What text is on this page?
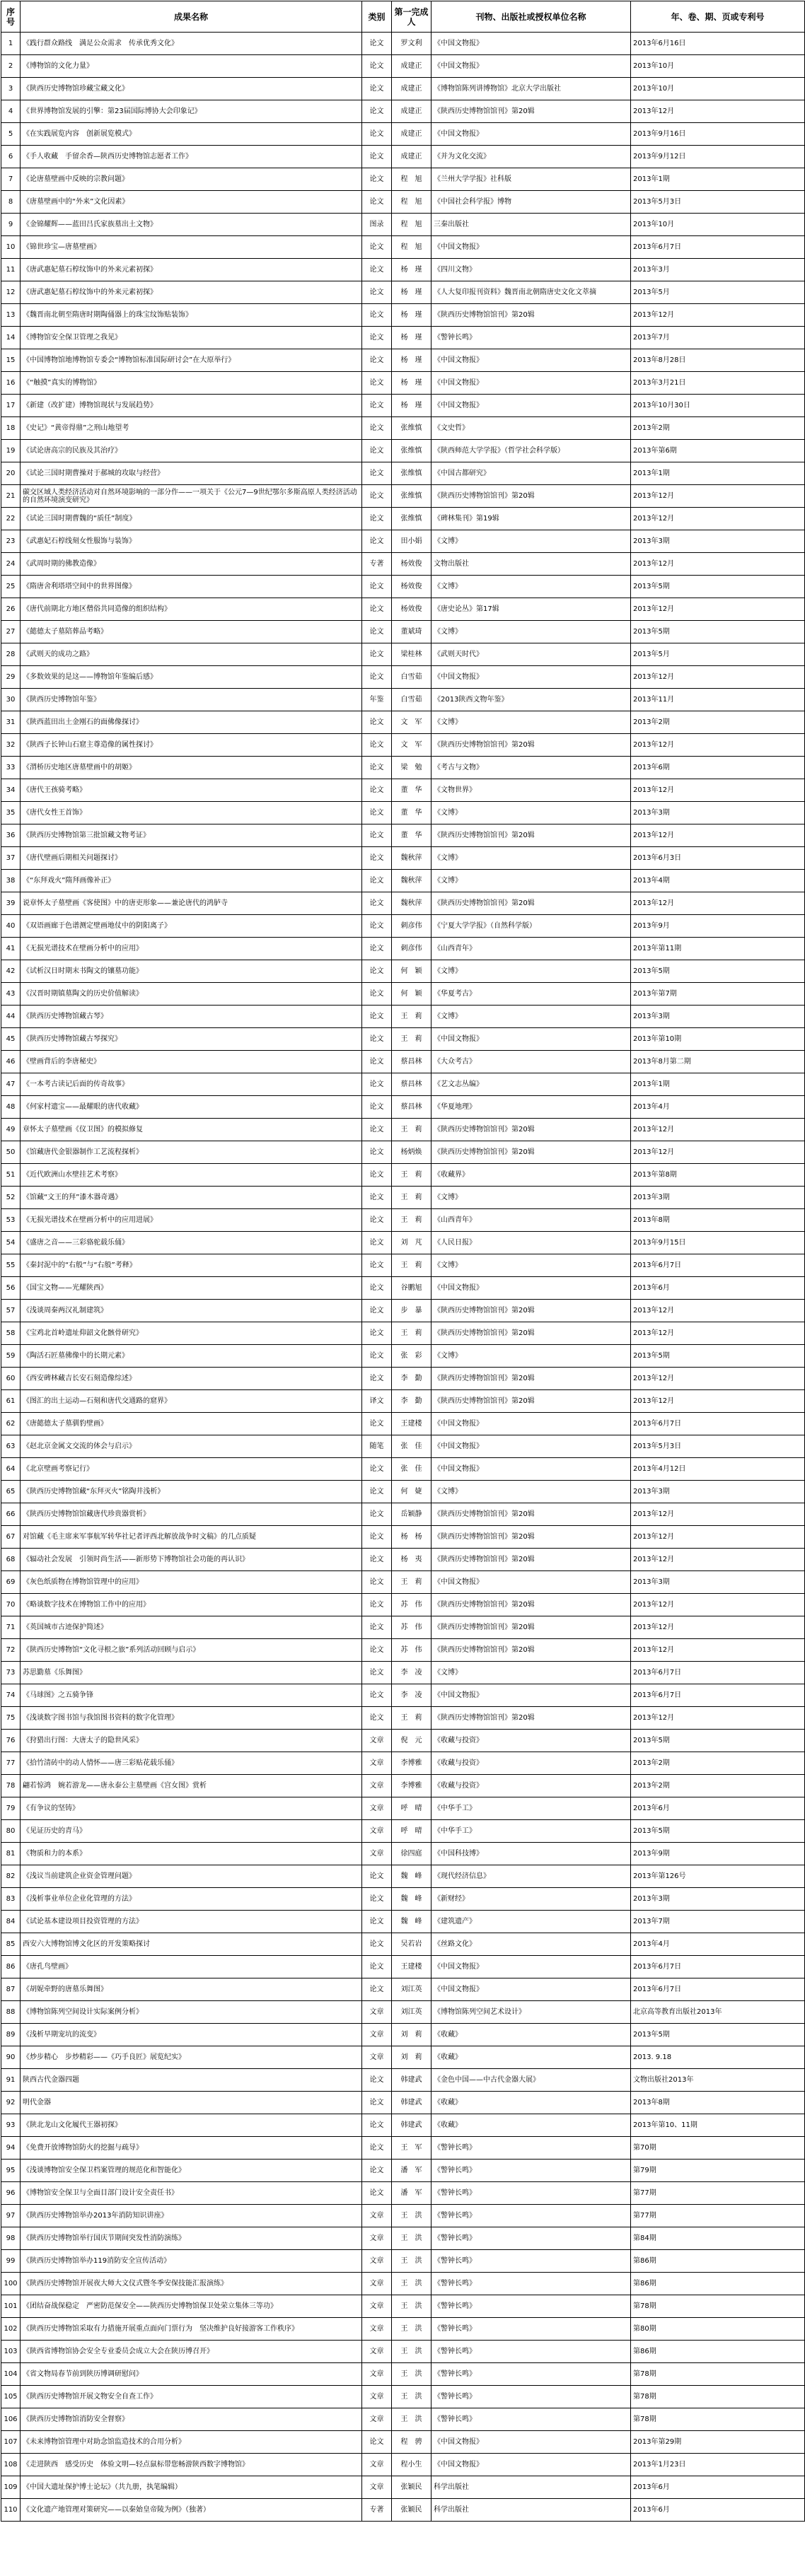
序号	成果名称	类别	第一完成人	刊物、出版社或授权单位名称	年、卷、期、页或专利号
1	《践行群众路线　满足公众需求　传承优秀文化》	论文	罗文利	《中国文物报》	2013年6月16日
2	《博物馆的文化力量》	论文	成建正	《中国文物报》	2013年10月
3	《陕西历史博物馆珍藏宝藏文化》	论文	成建正	《博物馆陈列讲博物馆》北京大学出版社	2013年10月
4	《世界博物馆发展的引擎：第23届国际博协大会印象记》	论文	成建正	《陕西历史博物馆馆刊》第20辑	2013年12月
5	《在实践展览内容　创新展览模式》	论文	成建正	《中国文物报》	2013年9月16日
6	《手人收藏　手留余香—陕西历史博物馆志愿者工作》	论文	成建正	《并为文化交流》	2013年9月12日
7	《论唐墓壁画中反映的宗教问题》	论文	程　旭	《兰州大学学报》社科版	2013年1期
8	《唐墓壁画中的“外来”文化因素》	论文	程　旭	《中国社会科学报》博物	2013年5月3日
9	《金锦耀辉——蓝田吕氏家族墓出土文物》	图录	程　旭	三秦出版社	2013年10月
10	《锦世珍宝—唐墓壁画》	论文	程　旭	《中国文物报》	2013年6月7日
11	《唐武惠妃墓石椁纹饰中的外来元素初探》	论文	杨　瑾	《四川文物》	2013年3月
12	《唐武惠妃墓石椁纹饰中的外来元素初探》	论文	杨　瑾	《人大复印报刊资料》魏晋南北朝隋唐史文化文萃摘	2013年5月
13	《魏晋南北朝至隋唐时期陶俑器上的珠宝纹饰贴装饰》	论文	杨　瑾	《陕西历史博物馆馆刊》第20辑	2013年12月
14	《博物馆安全保卫管理之我见》	论文	杨　瑾	《警钟长鸣》	2013年7月
15	《中国博物馆地博物馆专委会“博物馆标准国际研讨会”在大原举行》	论文	杨　瑾	《中国文物报》	2013年8月28日
16	《“触摸”真实的博物馆》	论文	杨　瑾	《中国文物报》	2013年3月21日
17	《新建（改扩建）博物馆现状与发展趋势》	论文	杨　瑾	《中国文物报》	2013年10月30日
18	《史记》“黄帝得鼎”之刑山地望考	论文	张维慎	《文史哲》	2013年2期
19	《试论唐高宗的民族及其治疗》	论文	张维慎	《陕西师范大学学报》（哲学社会科学版）	2013年第6期
20	《试论三国时期曹操对于郝城的攻取与经营》	论文	张维慎	《中国古都研究》	2013年1期
21	碳交区域人类经济活动对自然环境影响的一部分作——一项关于《公元7—9世纪鄂尔多斯高原人类经济活动的自然环境演变研究》	论文	张维慎	《陕西历史博物馆馆刊》第20辑	2013年12月
22	《试论三国时期曹魏的“质任”制度》	论文	张维慎	《碑林集刊》第19辑	2013年12月
23	《武惠妃石椁线刻女性服饰与装饰》	论文	田小娟	《文博》	2013年3期
24	《武周时期的佛教造像》	专著	杨效俊	文物出版社	2013年12月
25	《隋唐舍利塔塔空间中的世界图像》	论文	杨效俊	《文博》	2013年5期
26	《唐代前期北方地区僧俗共同造像的组织结构》	论文	杨效俊	《唐史论丛》第17辑	2013年12月
27	《懿德太子墓陪葬品考略》	论文	董斌琦	《文博》	2013年5期
28	《武则天的成功之路》	论文	梁桂林	《武则天时代》	2013年5月
29	《多数效果的是这——博物馆年鉴编后感》	论文	白雪茹	《中国文物报》	2013年12月
30	《陕西历史博物馆年鉴》	年鉴	白雪茹	《2013陕西文物年鉴》	2013年11月
31	《陕西蓝田出土金刚石的面佛像探讨》	论文	文　军	《文博》	2013年2期
32	《陕西子长钟山石窟主尊造像的属性探讨》	论文	文　军	《陕西历史博物馆馆刊》第20辑	2013年12月
33	《渭桥历史地区唐墓壁画中的胡姬》	论文	梁　勉	《考古与文物》	2013年6期
34	《唐代王孩骑考略》	论文	董　华	《文物世界》	2013年12月
35	《唐代女性王首饰》	论文	董　华	《文博》	2013年3期
36	《陕西历史博物馆第三批馆藏文物考证》	论文	董　华	《陕西历史博物馆馆刊》第20辑	2013年12月
37	《唐代壁画后期相关问题探讨》	论文	魏秋萍	《文博》	2013年6月3日
38	《“东拜戏火”隋拜画像补正》	论文	魏秋萍	《文博》	2013年4期
39	说章怀太子墓壁画《客使图》中的唐吏形象——兼论唐代的鸿胪寺	论文	魏秋萍	《陕西历史博物馆馆刊》第20辑	2013年12月
40	《双语画廊于色谱测定壁画地仗中的阴阳离子》	论文	刺彦伟	《宁夏大学学报》（自然科学版）	2013年9月
41	《无损光谱技术在壁画分析中的应用》	论文	刺彦伟	《山西青年》	2013年第11期
42	《试析汉日时期末书陶文的镶墓功能》	论文	何　颖	《文博》	2013年5期
43	《汉晋时期镇墓陶文的历史价值解读》	论文	何　颖	《华夏考古》	2013年第7期
44	《陕西历史博物馆藏古琴》	论文	王　莉	《文博》	2013年3期
45	《陕西历史博物馆藏古琴探究》	论文	王　莉	《中国文物报》	2013年第10期
46	《壁画背后的李唐秘史》	论文	蔡昌林	《大众考古》	2013年8月第二期
47	《一本考古读记后面的传奇故事》	论文	蔡昌林	《艺文志丛编》	2013年1期
48	《何家村遗宝——最耀眼的唐代收藏》	论文	蔡昌林	《华夏地理》	2013年4月
49	章怀太子墓壁画《仪卫图》的模拟修复	论文	王　莉	《陕西历史博物馆馆刊》第20辑	2013年12月
50	《馆藏唐代金银器制作工艺流程探析》	论文	杨炳焕	《陕西历史博物馆馆刊》第20辑	2013年12月
51	《近代欧洲山水壁挂艺术考察》	论文	王　莉	《收藏界》	2013年第8期
52	《馆藏“文王的拜”漆木器奇遇》	论文	王　莉	《文博》	2013年3期
53	《无损光谱技术在壁画分析中的应用进展》	论文	王　莉	《山西青年》	2013年8期
54	《盛唐之音——三彩骆驼载乐俑》	论文	刘　芃	《人民日报》	2013年9月15日
55	《秦封泥中的“右般”与“右般”考释》	论文	王　莉	《文博》	2013年6月7日
56	《国宝文物——光耀陕西》	论文	谷鹏旭	《中国文物报》	2013年6月
57	《浅谈周秦两汉礼制建筑》	论文	步　暴	《陕西历史博物馆馆刊》第20辑	2013年12月
58	《宝鸡北首岭遗址仰韶文化骸骨研究》	论文	王　莉	《陕西历史博物馆馆刊》第20辑	2013年12月
59	《陶活石匠墓佛像中的长期元素》	论文	张　彩	《文博》	2013年5期
60	《西安碑林藏吉长安石刻造像综述》	论文	李　勤	《陕西历史博物馆馆刊》第20辑	2013年12月
61	《图汇的出土运动—石刻和唐代交通路的窟界》	译文	李　勤	《陕西历史博物馆馆刊》第20辑	2013年12月
62	《唐懿德太子墓驯豹壁画》	论文	王建楼	《中国文物报》	2013年6月7日
63	《赵北京金属文交流的体会与启示》	随笔	张　佳	《中国文物报》	2013年5月3日
64	《北京壁画考察记行》	论文	张　佳	《中国文物报》	2013年4月12日
65	《陕西历史博物馆藏“东拜灭火”铭陶井浅析》	论文	何　婕	《文博》	2013年3期
66	《陕西历史博物馆馆藏唐代珍贵器赏析》	论文	岳颖静	《陕西历史博物馆馆刊》第20辑	2013年12月
67	对馆藏《毛主席来军事航军转华社记者评西北解放战争时文稿》的几点质疑	论文	杨　杨	《陕西历史博物馆馆刊》第20辑	2013年12月
68	《辐动社会发展　引领时尚生活——新形势下博物馆社会功能的再认识》	论文	杨　夷	《陕西历史博物馆馆刊》第20辑	2013年12月
69	《灰色纸质物在博物馆管理中的应用》	论文	王　莉	《中国文物报》	2013年3期
70	《略谈数字技术在博物馆工作中的应用》	论文	苏　伟	《陕西历史博物馆馆刊》第20辑	2013年12月
71	《英国城市古迹保护简述》	论文	苏　伟	《陕西历史博物馆馆刊》第20辑	2013年12月
72	《陕西历史博物馆“文化寻根之旅”系列活动回顾与启示》	论文	苏　伟	《陕西历史博物馆馆刊》第20辑	2013年12月
73	苏思勤墓《乐舞图》	论文	李　凌	《文博》	2013年6月7日
74	《马球图》之五骑争锋	论文	李　凌	《中国文物报》	2013年6月7日
75	《浅谈数字图书馆与我馆图书资料的数字化管理》	论文	王　莉	《陕西历史博物馆馆刊》第20辑	2013年12月
76	《狩猎出行图：大唐太子的隐世风采》	文章	倪　元	《收藏与投资》	2013年5期
77	《拾竹清砖中的动人情怀——唐三彩贴花载乐俑》	文章	李博雅	《收藏与投资》	2013年2期
78	翩若惊鸿　婉若游龙——唐永泰公主墓壁画《宫女图》赏析	文章	李博雅	《收藏与投资》	2013年2期
79	《有争议的坚铸》	文章	呼　晴	《中华手工》	2013年6月
80	《见证历史的青马》	文章	呼　晴	《中华手工》	2013年5期
81	《物质和力的本系》	文章	徐四庭	《中国科技博》	2013年9期
82	《浅议当前建筑企业资金管理问题》	论文	魏　峰	《现代经济信息》	2013年第126号
83	《浅析事业单位企业化管理的方法》	论文	魏　峰	《新财经》	2013年3期
84	《试论基本建设项目投资管理的方法》	论文	魏　峰	《建筑遗产》	2013年7期
85	西安六大博物馆博文化区的开发策略探讨	论文	吴若岩	《丝路文化》	2013年4月
86	《唐孔鸟壁画》	论文	王建楼	《中国文物报》	2013年6月7日
87	《胡妮牵野的唐墓乐舞图》	论文	刘江英	《中国文物报》	2013年6月7日
88	《博物馆陈列空间设计实际案例分析》	文章	刘江英	《博物馆陈列空间艺术设计》	北京高等教育出版社2013年
89	《浅析早期宠坑的流变》	文章	刘　莉	《收藏》	2013年5期
90	《炒步精心　步炒精彩——《巧手良匠》展览纪实》	文章	刘　莉	《收藏》	2013. 9.18
91	陕西古代金器四题	论文	韩建武	《金色中国——中古代金器大展》	文物出版社2013年
92	明代金器	论文	韩建武	《收藏》	2013年8期
93	《陕北龙山文化履代王器初探》	论文	韩建武	《收藏》	2013年第10、11期
94	《免费开放博物馆防火的挖掘与疏导》	论文	王　军	《警钟长鸣》	第70期
95	《浅谈博物馆安全保卫档案管理的规范化和智能化》	论文	潘　军	《警钟长鸣》	第79期
96	《博物馆安全保卫与全面目部门设计安全责任书》	论文	潘　军	《警钟长鸣》	第77期
97	《陕西历史博物馆举办2013年消防知识讲座》	文章	王　洪	《警钟长鸣》	第77期
98	《陕西历史博物馆举行国庆节期间突发性消防演练》	文章	王　洪	《警钟长鸣》	第84期
99	《陕西历史博物馆举办119消防安全宣传活动》	文章	王　洪	《警钟长鸣》	第86期
100	《陕西历史博物馆开展夜大师大文仪式暨冬季安保技能汇报演练》	文章	王　洪	《警钟长鸣》	第86期
101	《团结奋战保稳定　严密防范保安全——陕西历史博物馆保卫处荣立集体三等功》	文章	王　洪	《警钟长鸣》	第78期
102	《陕西历史博物馆采取有力措施开展重点面向门票行为　坚决维护良好接游客工作秩序》	文章	王　洪	《警钟长鸣》	第80期
103	《陕西省博物馆协会安全专业委员会成立大会在陕历博召开》	文章	王　洪	《警钟长鸣》	第86期
104	《省文物局春节前到陕历博调研慰问》	文章	王　洪	《警钟长鸣》	第78期
105	《陕西历史博物馆开展文物安全自查工作》	文章	王　洪	《警钟长鸣》	第78期
106	《陕西历史博物馆消防安全督察》	文章	王　洪	《警钟长鸣》	第78期
107	《未来博物馆管理中对助念馆监造技术的合用分析》	论文	程　骋	《中国文物报》	2013年第29期
108	《走进陕西　感受历史　体验文明—轻点鼠标带您畅游陕西数字博物馆》	文章	程小生	《中国文物报》	2013年1月23日
109	《中国大遗址保护博士论坛》（共九册，执笔编辑）	文章	张颖民	科学出版社	2013年6月
110	《文化遗产地管理对策研究——以秦始皇帝陵为例》（独著）	专著	张颖民	科学出版社	2013年6月
